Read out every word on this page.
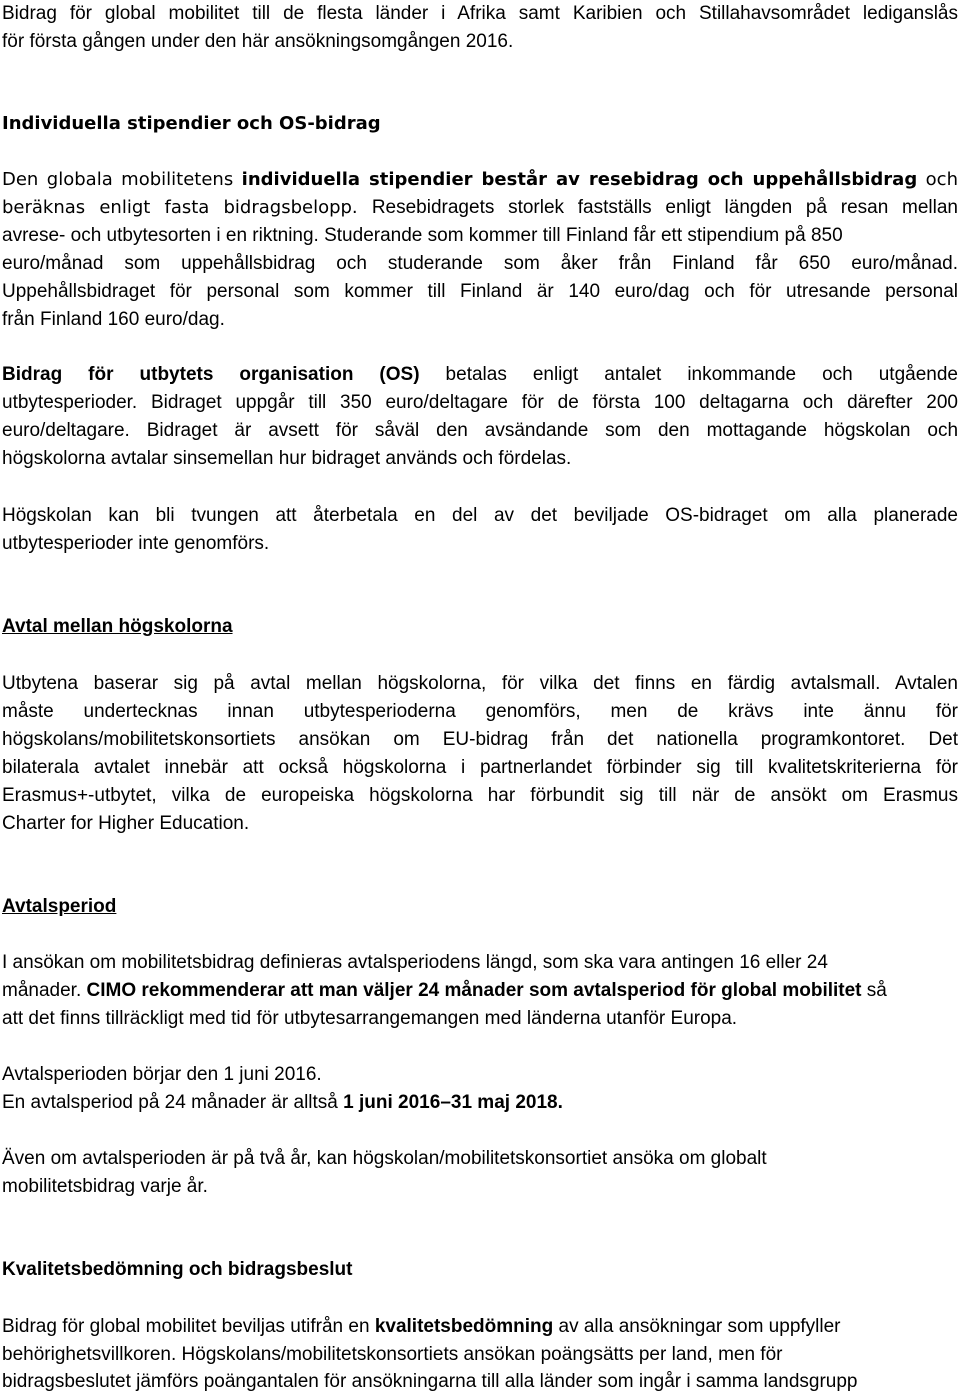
Bidrag för global mobilitet till de flesta länder i Afrika samt Karibien och Stillahavsområdet lediganslås
för första gången under den här ansökningsomgången 2016.
Individuella stipendier och OS-bidrag
Den globala mobilitetens individuella stipendier består av resebidrag och uppehållsbidrag och
beräknas enligt fasta bidragsbelopp. Resebidragets storlek fastställs enligt längden på resan mellan
avrese- och utbytesorten i en riktning. Studerande som kommer till Finland får ett stipendium på 850
euro/månad som uppehållsbidrag och studerande som åker från Finland får 650 euro/månad.
Uppehållsbidraget för personal som kommer till Finland är 140 euro/dag och för utresande personal
från Finland 160 euro/dag.
Bidrag för utbytets organisation (OS) betalas enligt antalet inkommande och utgående
utbytesperioder. Bidraget uppgår till 350 euro/deltagare för de första 100 deltagarna och därefter 200
euro/deltagare. Bidraget är avsett för såväl den avsändande som den mottagande högskolan och
högskolorna avtalar sinsemellan hur bidraget används och fördelas.
Högskolan kan bli tvungen att återbetala en del av det beviljade OS-bidraget om alla planerade
utbytesperioder inte genomförs.
Avtal mellan högskolorna
Utbytena baserar sig på avtal mellan högskolorna, för vilka det finns en färdig avtalsmall. Avtalen
måste undertecknas innan utbytesperioderna genomförs, men de krävs inte ännu för
högskolans/mobilitetskonsortiets ansökan om EU-bidrag från det nationella programkontoret. Det
bilaterala avtalet innebär att också högskolorna i partnerlandet förbinder sig till kvalitetskriterierna för
Erasmus+-utbytet, vilka de europeiska högskolorna har förbundit sig till när de ansökt om Erasmus
Charter for Higher Education.
Avtalsperiod
I ansökan om mobilitetsbidrag definieras avtalsperiodens längd, som ska vara antingen 16 eller 24
månader. CIMO rekommenderar att man väljer 24 månader som avtalsperiod för global mobilitet så
att det finns tillräckligt med tid för utbytesarrangemangen med länderna utanför Europa.
Avtalsperioden börjar den 1 juni 2016.
En avtalsperiod på 24 månader är alltså 1 juni 2016–31 maj 2018.
Även om avtalsperioden är på två år, kan högskolan/mobilitetskonsortiet ansöka om globalt
mobilitetsbidrag varje år.
Kvalitetsbedömning och bidragsbeslut
Bidrag för global mobilitet beviljas utifrån en kvalitetsbedömning av alla ansökningar som uppfyller
behörighetsvillkoren. Högskolans/mobilitetskonsortiets ansökan poängsätts per land, men för
bidragsbeslutet jämförs poängantalen för ansökningarna till alla länder som ingår i samma landsgrupp
